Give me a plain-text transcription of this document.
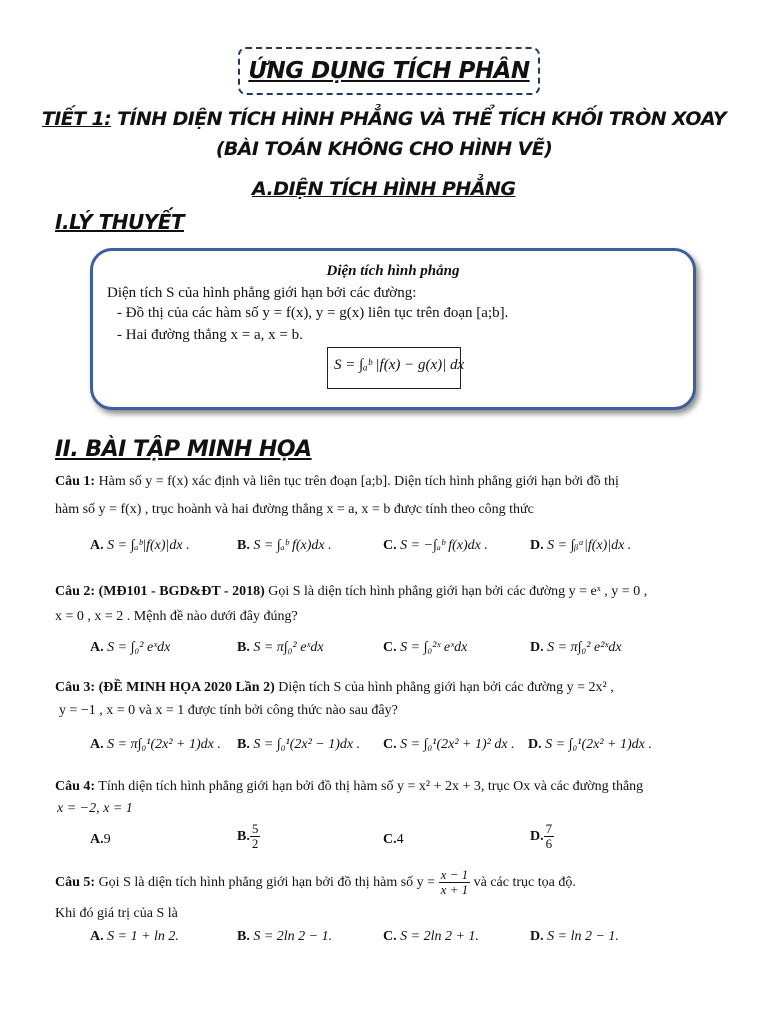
ỨNG DỤNG TÍCH PHÂN
TIẾT 1: TÍNH DIỆN TÍCH HÌNH PHẲNG VÀ THỂ TÍCH KHỐI TRÒN XOAY
(BÀI TOÁN KHÔNG CHO HÌNH VẼ)
A.DIỆN TÍCH HÌNH PHẲNG
I.LÝ THUYẾT
Diện tích hình phẳng
Diện tích S của hình phẳng giới hạn bởi các đường:
- Đồ thị của các hàm số y = f(x), y = g(x) liên tục trên đoạn [a;b].
- Hai đường thẳng x = a, x = b.
S = ∫ₐᵇ |f(x) − g(x)| dx
II. BÀI TẬP MINH HỌA
Câu 1: Hàm số y = f(x) xác định và liên tục trên đoạn [a;b]. Diện tích hình phẳng giới hạn bởi đồ thị
hàm số y = f(x) , trục hoành và hai đường thẳng x = a, x = b được tính theo công thức
A. S = ∫ₐᵇ|f(x)|dx .	B. S = ∫ₐᵇ f(x)dx .	C. S = −∫ₐᵇ f(x)dx .	D. S = ∫ᵦᵃ|f(x)|dx .
Câu 2: (MĐ101 - BGD&ĐT - 2018) Gọi S là diện tích hình phẳng giới hạn bởi các đường y = eˣ , y = 0 ,
x = 0 , x = 2 . Mệnh đề nào dưới đây đúng?
A. S = ∫₀² eˣdx	B. S = π∫₀² eˣdx	C. S = ∫₀²ˣ eˣdx	D. S = π∫₀² e²ˣdx
Câu 3: (ĐỀ MINH HỌA 2020 Lần 2) Diện tích S của hình phẳng giới hạn bởi các đường y = 2x² ,
y = −1 , x = 0 và x = 1 được tính bởi công thức nào sau đây?
A. S = π∫₀¹(2x² + 1)dx . B. S = ∫₀¹(2x² − 1)dx . C. S = ∫₀¹(2x² + 1)² dx . D. S = ∫₀¹(2x² + 1)dx .
Câu 4: Tính diện tích hình phẳng giới hạn bởi đồ thị hàm số y = x² + 2x + 3, trục Ox và các đường thẳng
x = −2, x = 1
A.9	B. $\frac{5}{2}$	C.4	D. $\frac{7}{6}$
Câu 5: Gọi S là diện tích hình phẳng giới hạn bởi đồ thị hàm số $y = \frac{x - 1}{x + 1}$ và các trục tọa độ.
Khi đó giá trị của S là
A. S = 1 + ln 2.	B. S = 2ln 2 − 1.	C. S = 2ln 2 + 1.	D. S = ln 2 − 1.
